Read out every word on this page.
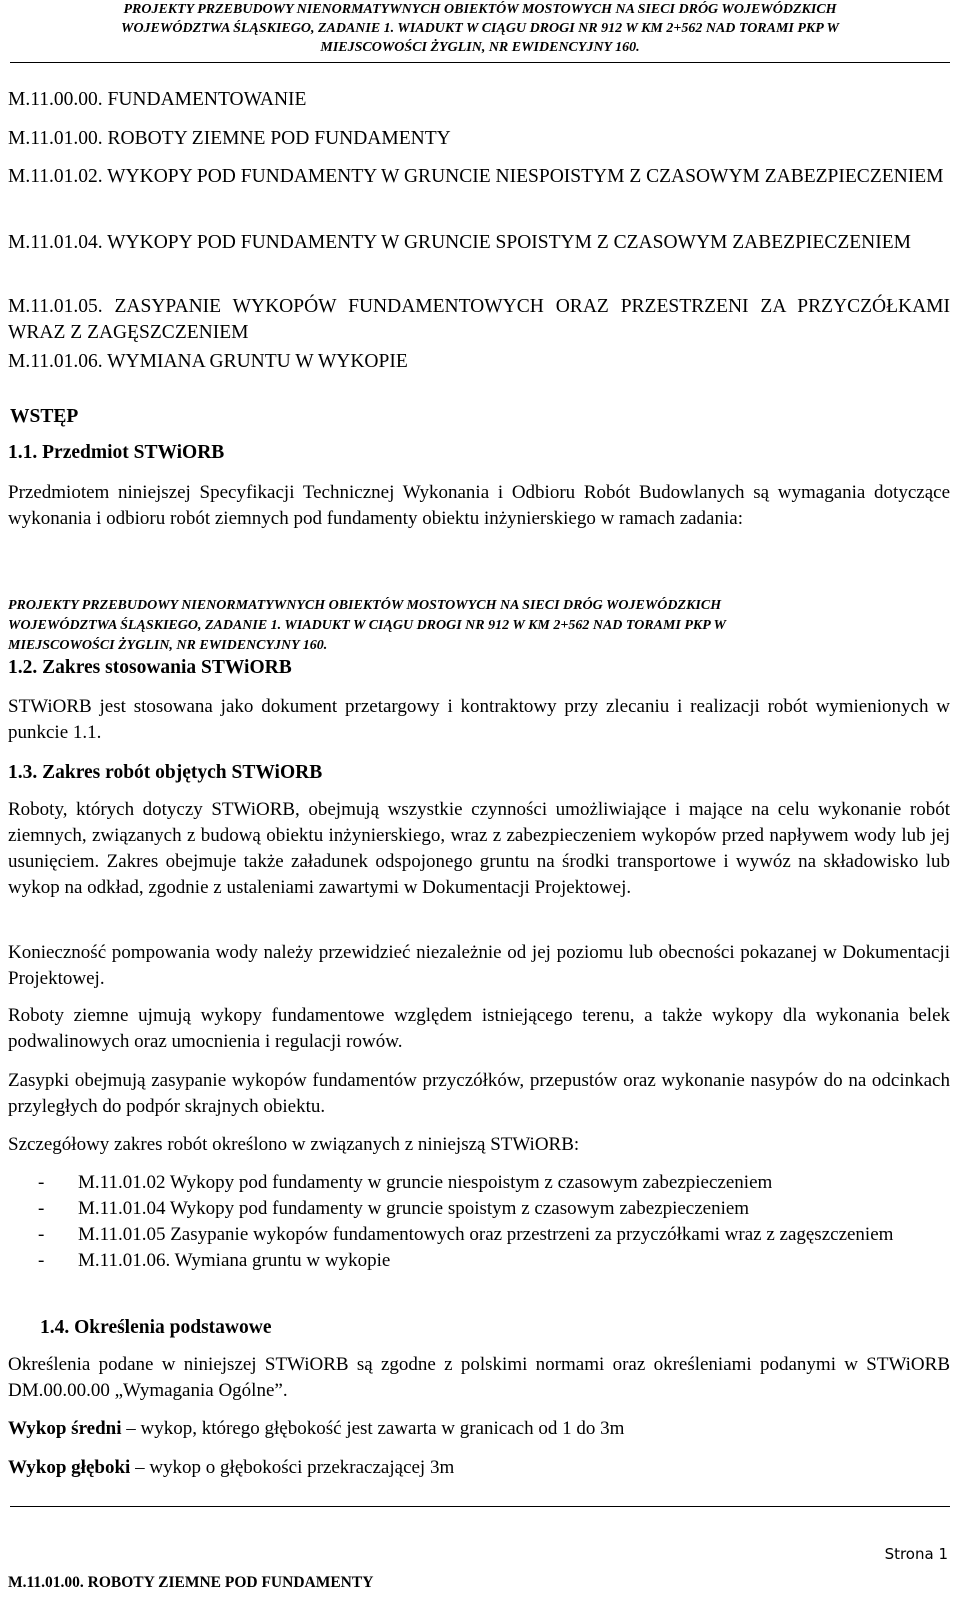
PROJEKTY PRZEBUDOWY NIENORMATYWNYCH OBIEKTÓW MOSTOWYCH NA SIECI DRÓG WOJEWÓDZKICH
WOJEWÓDZTWA ŚLĄSKIEGO, ZADANIE 1. WIADUKT W CIĄGU DROGI NR 912 W KM 2+562 NAD TORAMI PKP W
MIEJSCOWOŚCI ŻYGLIN, NR EWIDENCYJNY 160.
M.11.00.00. FUNDAMENTOWANIE
M.11.01.00. ROBOTY ZIEMNE POD FUNDAMENTY
M.11.01.02. WYKOPY POD FUNDAMENTY W GRUNCIE NIESPOISTYM Z CZASOWYM ZABEZPIECZENIEM
M.11.01.04. WYKOPY POD FUNDAMENTY W GRUNCIE SPOISTYM Z CZASOWYM ZABEZPIECZENIEM
M.11.01.05. ZASYPANIE WYKOPÓW FUNDAMENTOWYCH ORAZ PRZESTRZENI ZA PRZYCZÓŁKAMI WRAZ Z ZAGĘSZCZENIEM
M.11.01.06. WYMIANA GRUNTU W WYKOPIE
WSTĘP
1.1. Przedmiot STWiORB
Przedmiotem niniejszej Specyfikacji Technicznej Wykonania i Odbioru Robót Budowlanych są wymagania dotyczące wykonania i odbioru robót ziemnych pod fundamenty obiektu inżynierskiego w ramach zadania:
PROJEKTY PRZEBUDOWY NIENORMATYWNYCH OBIEKTÓW MOSTOWYCH NA SIECI DRÓG WOJEWÓDZKICH
WOJEWÓDZTWA ŚLĄSKIEGO, ZADANIE 1. WIADUKT W CIĄGU DROGI NR 912 W KM 2+562 NAD TORAMI PKP W
MIEJSCOWOŚCI ŻYGLIN, NR EWIDENCYJNY 160.
1.2. Zakres stosowania STWiORB
STWiORB jest stosowana jako dokument przetargowy i kontraktowy przy zlecaniu i realizacji robót wymienionych w punkcie 1.1.
1.3. Zakres robót objętych STWiORB
Roboty, których dotyczy STWiORB, obejmują wszystkie czynności umożliwiające i mające na celu wykonanie robót ziemnych, związanych z budową obiektu inżynierskiego, wraz z zabezpieczeniem wykopów przed napływem wody lub jej usunięciem. Zakres obejmuje także załadunek odspojonego gruntu na środki transportowe i wywóz na składowisko lub wykop na odkład, zgodnie z ustaleniami zawartymi w Dokumentacji Projektowej.
Konieczność pompowania wody należy przewidzieć niezależnie od jej poziomu lub obecności pokazanej w Dokumentacji Projektowej.
Roboty ziemne ujmują wykopy fundamentowe względem istniejącego terenu, a także wykopy dla wykonania belek podwalinowych oraz umocnienia i regulacji rowów.
Zasypki obejmują zasypanie wykopów fundamentów przyczółków, przepustów oraz wykonanie nasypów do na odcinkach przyległych do podpór skrajnych obiektu.
Szczegółowy zakres robót określono w związanych z niniejszą STWiORB:
- M.11.01.02 Wykopy pod fundamenty w gruncie niespoistym z czasowym zabezpieczeniem
- M.11.01.04 Wykopy pod fundamenty w gruncie spoistym z czasowym zabezpieczeniem
- M.11.01.05 Zasypanie wykopów fundamentowych oraz przestrzeni za przyczółkami wraz z zagęszczeniem
- M.11.01.06. Wymiana gruntu w wykopie
1.4. Określenia podstawowe
Określenia podane w niniejszej STWiORB są zgodne z polskimi normami oraz określeniami podanymi w STWiORB DM.00.00.00 „Wymagania Ogólne”.
Wykop średni – wykop, którego głębokość jest zawarta w granicach od 1 do 3m
Wykop głęboki – wykop o głębokości przekraczającej 3m
Strona 1
M.11.01.00. ROBOTY ZIEMNE POD FUNDAMENTY
